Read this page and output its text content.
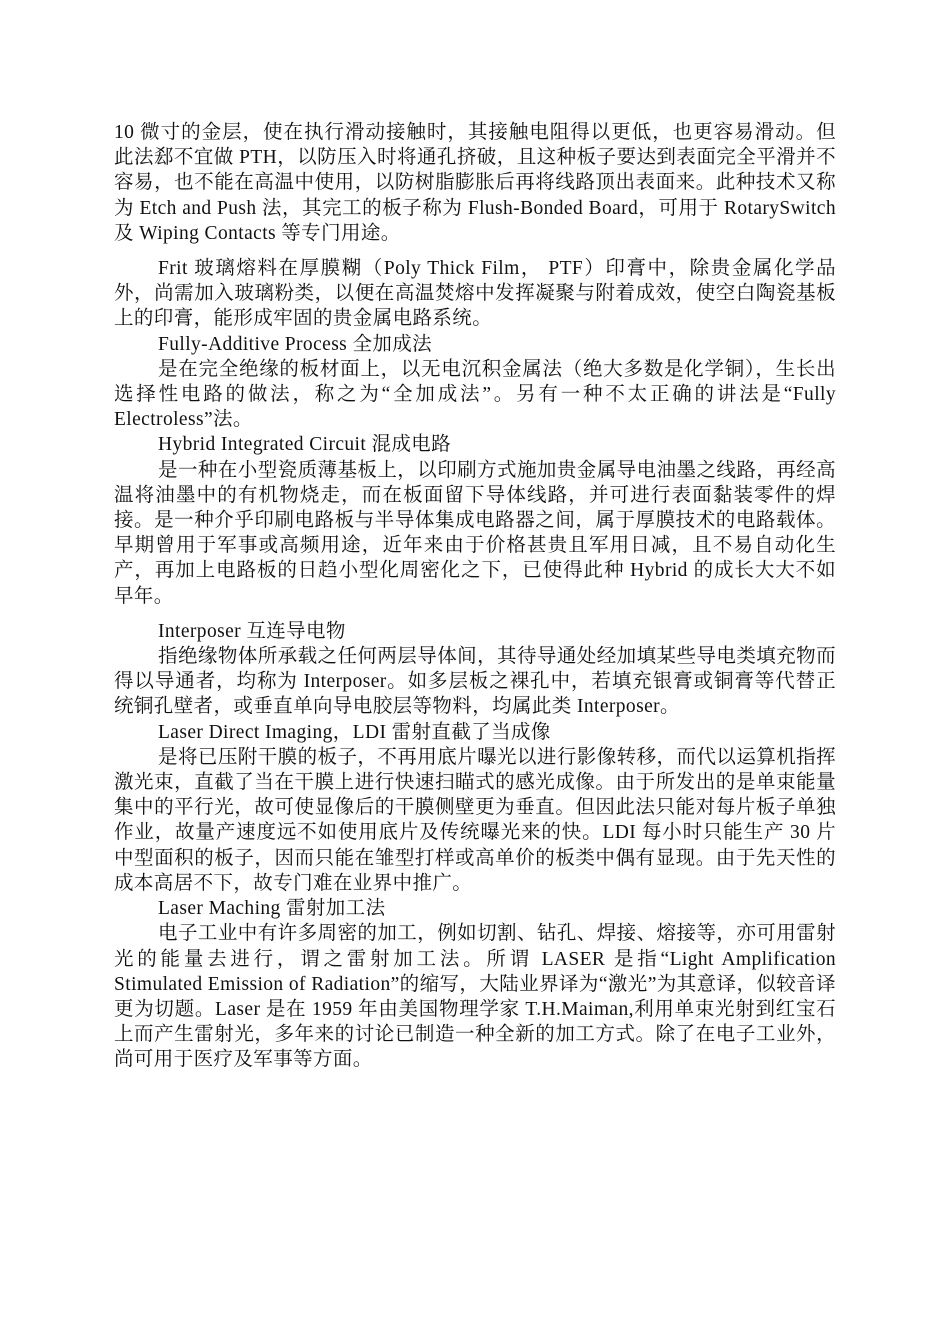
10 微寸的金层，使在执行滑动接触时，其接触电阻得以更低，也更容易滑动。但此法郄不宜做 PTH，以防压入时将通孔挤破，且这种板子要达到表面完全平滑并不容易，也不能在高温中使用，以防树脂膨胀后再将线路顶出表面来。此种技术又称为 Etch and Push 法，其完工的板子称为 Flush-Bonded Board，可用于 RotarySwitch 及 Wiping Contacts 等专门用途。

Frit 玻璃熔料在厚膜糊（Poly Thick Film， PTF）印膏中，除贵金属化学品外，尚需加入玻璃粉类，以便在高温焚熔中发挥凝聚与附着成效，使空白陶瓷基板上的印膏，能形成牢固的贵金属电路系统。

Fully-Additive Process 全加成法

是在完全绝缘的板材面上，以无电沉积金属法（绝大多数是化学铜），生长出选择性电路的做法，称之为“全加成法”。另有一种不太正确的讲法是“Fully Electroless”法。

Hybrid Integrated Circuit 混成电路

是一种在小型瓷质薄基板上，以印刷方式施加贵金属导电油墨之线路，再经高温将油墨中的有机物烧走，而在板面留下导体线路，并可进行表面黏装零件的焊接。是一种介乎印刷电路板与半导体集成电路器之间，属于厚膜技术的电路载体。早期曾用于军事或高频用途，近年来由于价格甚贵且军用日减，且不易自动化生产，再加上电路板的日趋小型化周密化之下，已使得此种 Hybrid 的成长大大不如早年。

Interposer 互连导电物

指绝缘物体所承载之任何两层导体间，其待导通处经加填某些导电类填充物而得以导通者，均称为 Interposer。如多层板之裸孔中，若填充银膏或铜膏等代替正统铜孔壁者，或垂直单向导电胶层等物料，均属此类 Interposer。

Laser Direct Imaging，LDI 雷射直截了当成像

是将已压附干膜的板子，不再用底片曝光以进行影像转移，而代以运算机指挥激光束，直截了当在干膜上进行快速扫瞄式的感光成像。由于所发出的是单束能量集中的平行光，故可使显像后的干膜侧壁更为垂直。但因此法只能对每片板子单独作业，故量产速度远不如使用底片及传统曝光来的快。LDI 每小时只能生产 30 片中型面积的板子，因而只能在雏型打样或高单价的板类中偶有显现。由于先天性的成本高居不下，故专门难在业界中推广。

Laser Maching 雷射加工法

电子工业中有许多周密的加工，例如切割、钻孔、焊接、熔接等，亦可用雷射光的能量去进行，谓之雷射加工法。所谓 LASER 是指“Light Amplification Stimulated Emission of Radiation”的缩写，大陆业界译为“激光”为其意译，似较音译更为切题。Laser 是在 1959 年由美国物理学家 T.H.Maiman,利用单束光射到红宝石上而产生雷射光，多年来的讨论已制造一种全新的加工方式。除了在电子工业外，尚可用于医疗及军事等方面。
